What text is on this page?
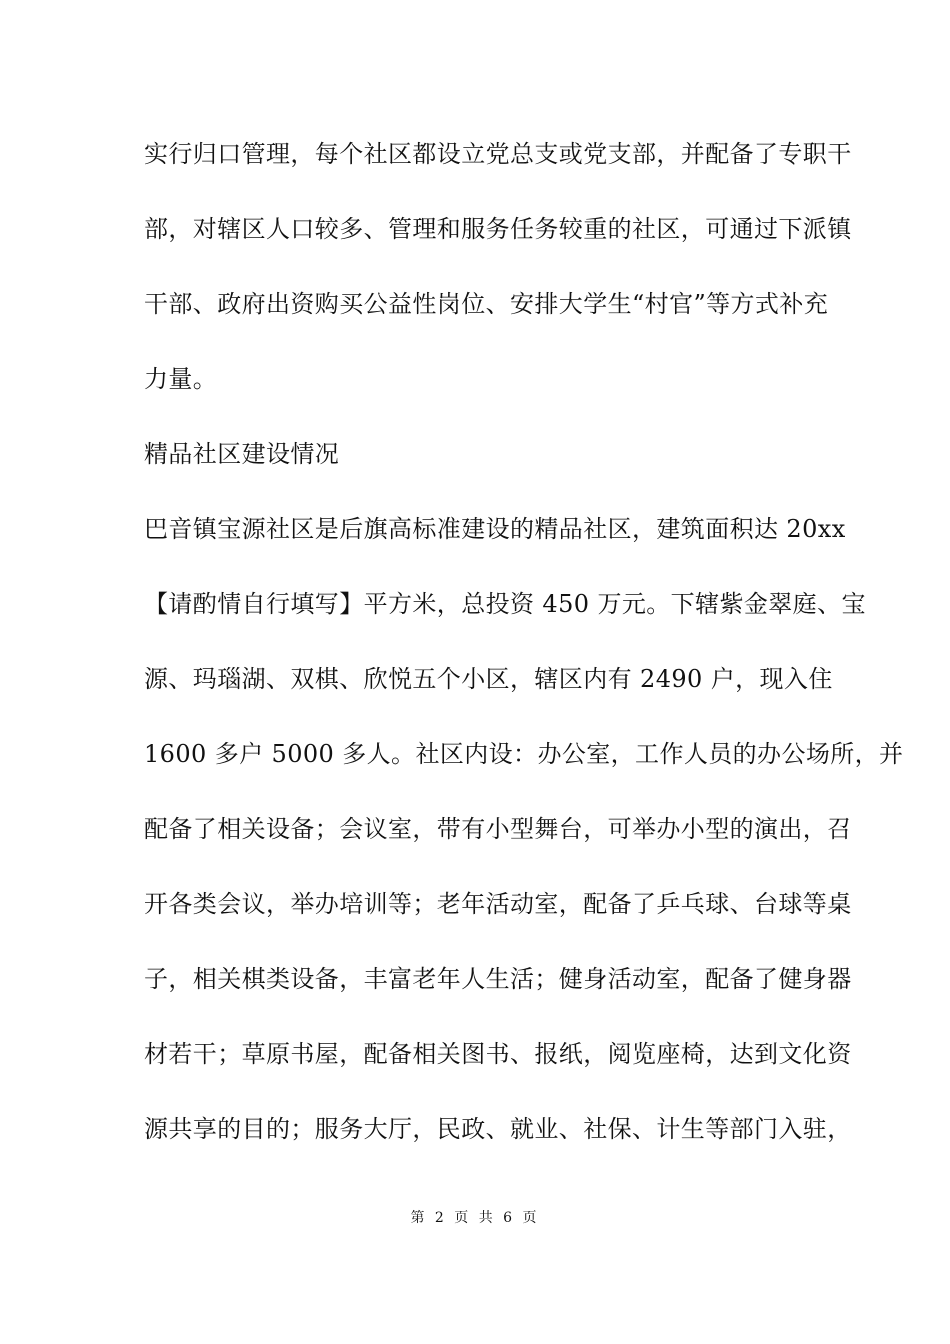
实行归口管理，每个社区都设立党总支或党支部，并配备了专职干
部，对辖区人口较多、管理和服务任务较重的社区，可通过下派镇
干部、政府出资购买公益性岗位、安排大学生“村官”等方式补充
力量。
精品社区建设情况
巴音镇宝源社区是后旗高标准建设的精品社区，建筑面积达 20xx
【请酌情自行填写】平方米，总投资 450 万元。下辖紫金翠庭、宝
源、玛瑙湖、双棋、欣悦五个小区，辖区内有 2490 户，现入住
1600 多户 5000 多人。社区内设：办公室，工作人员的办公场所，并
配备了相关设备；会议室，带有小型舞台，可举办小型的演出，召
开各类会议，举办培训等；老年活动室，配备了乒乓球、台球等桌
子，相关棋类设备，丰富老年人生活；健身活动室，配备了健身器
材若干；草原书屋，配备相关图书、报纸，阅览座椅，达到文化资
源共享的目的；服务大厅，民政、就业、社保、计生等部门入驻，
第 2 页 共 6 页
